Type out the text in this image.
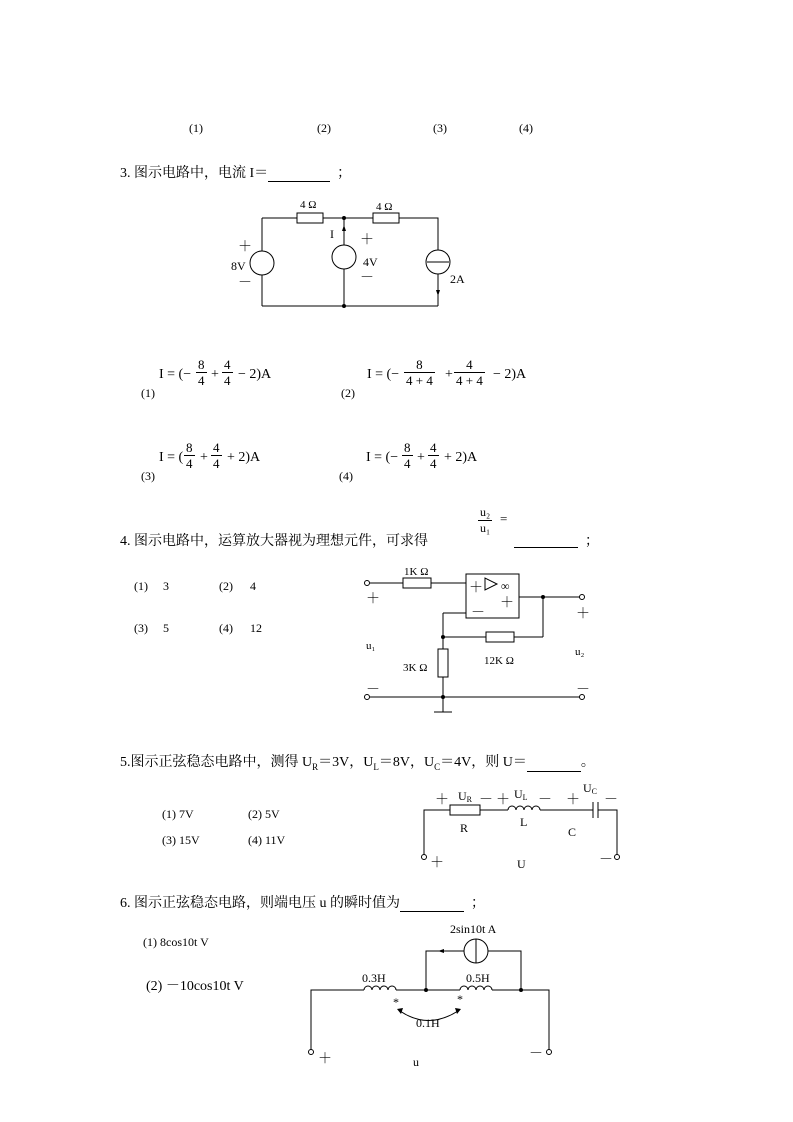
(1)	(2)	(3)	(4)
3. 图示电路中，电流 I＝	；
4 Ω	4 Ω
I
＋
8V
－
＋
4V
－	2A
1K Ω
＋ ∞
－
＋
＋
u₁
－
＋
u₂
－
3K Ω
12K Ω
＋ UR － ＋ UL － ＋
UC
－
R	L
C
＋	U	－
2sin10t A
0.3H	0.5H
*	*
0.1H
＋	u	－
(1)
I = (− $\frac{8}{4} + \frac{4}{4} - 2)A$
(2)
I = (− $\frac{8}{4 + 4} + \frac{4}{4 + 4} - 2)A$
(3)
I = ( $\frac{8}{4} + \frac{4}{4} + 2)A$
(4)
I = (− $\frac{8}{4} + \frac{4}{4} + 2)A$
$\frac{\text{u₂}}{\text{u₁}}$ =
4. 图示电路中，运算放大器视为理想元件，可求得	；
(1) 3	(2) 4
(3) 5	(4) 12
5.图示正弦稳态电路中，测得 $U_R=3V$，$U_L=8V$，$U_C=4V$，则 U＝	。
(1) 7V	(2) 5V
(3) 15V	(4) 11V
6. 图示正弦稳态电路，则端电压 u 的瞬时值为	；
(1) 8cos10t V
(2) －10cos10t V
